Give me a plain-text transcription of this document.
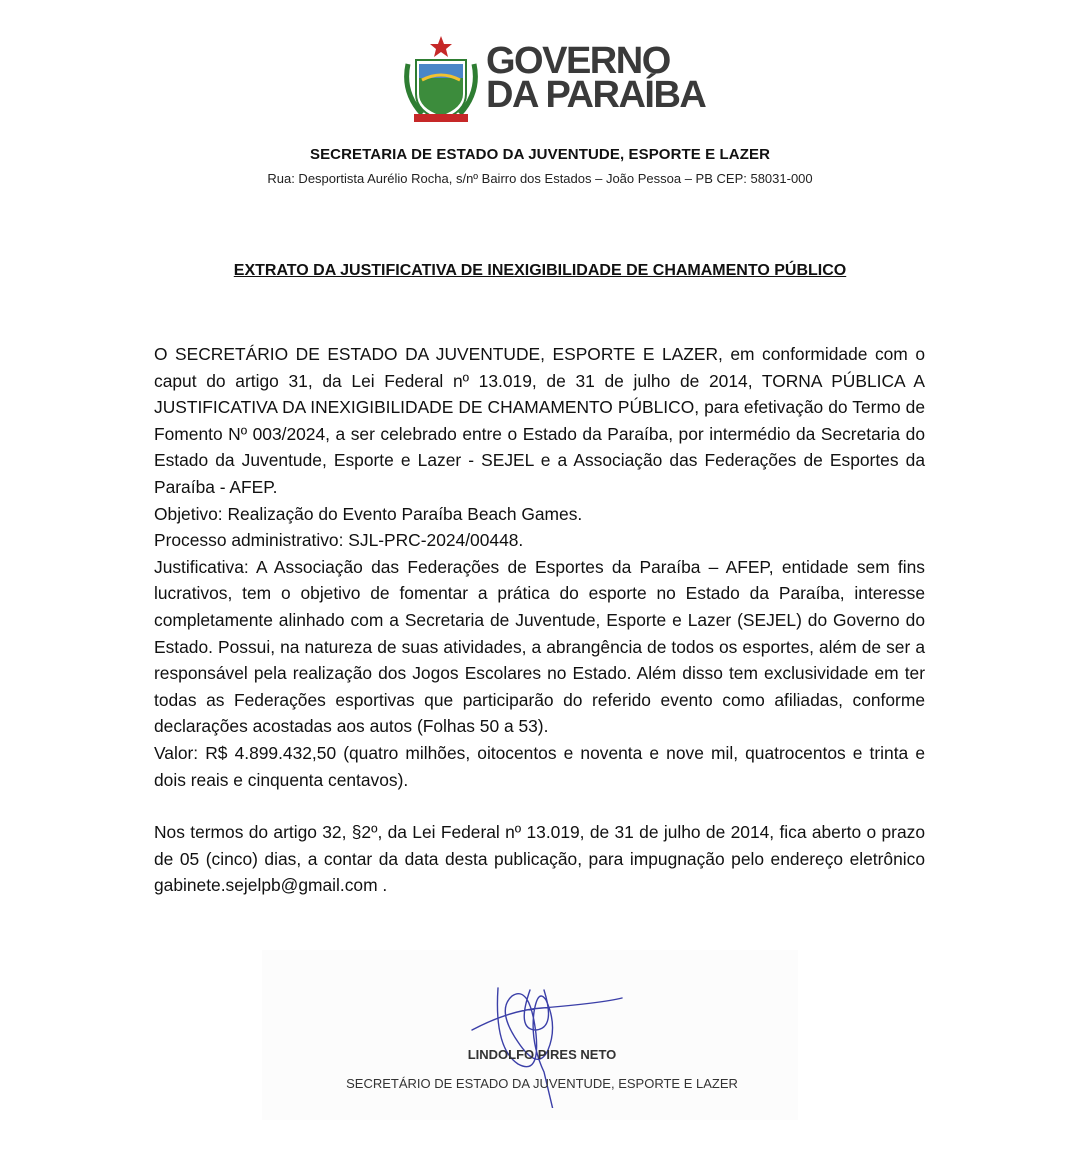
GOVERNO
DA PARAÍBA
SECRETARIA DE ESTADO DA JUVENTUDE, ESPORTE E LAZER
Rua: Desportista Aurélio Rocha, s/nº Bairro dos Estados – João Pessoa – PB CEP: 58031-000
EXTRATO DA JUSTIFICATIVA DE INEXIGIBILIDADE DE CHAMAMENTO PÚBLICO

O SECRETÁRIO DE ESTADO DA JUVENTUDE, ESPORTE E LAZER, em conformidade com o caput do artigo 31, da Lei Federal nº 13.019, de 31 de julho de 2014, TORNA PÚBLICA A JUSTIFICATIVA DA INEXIGIBILIDADE DE CHAMAMENTO PÚBLICO, para efetivação do Termo de Fomento Nº 003/2024, a ser celebrado entre o Estado da Paraíba, por intermédio da Secretaria do Estado da Juventude, Esporte e Lazer - SEJEL e a Associação das Federações de Esportes da Paraíba - AFEP.

Objetivo: Realização do Evento Paraíba Beach Games.

Processo administrativo: SJL-PRC-2024/00448.

Justificativa: A Associação das Federações de Esportes da Paraíba – AFEP, entidade sem fins lucrativos, tem o objetivo de fomentar a prática do esporte no Estado da Paraíba, interesse completamente alinhado com a Secretaria de Juventude, Esporte e Lazer (SEJEL) do Governo do Estado. Possui, na natureza de suas atividades, a abrangência de todos os esportes, além de ser a responsável pela realização dos Jogos Escolares no Estado. Além disso tem exclusividade em ter todas as Federações esportivas que participarão do referido evento como afiliadas, conforme declarações acostadas aos autos (Folhas 50 a 53).

Valor: R$ 4.899.432,50 (quatro milhões, oitocentos e noventa e nove mil, quatrocentos e trinta e dois reais e cinquenta centavos).

Nos termos do artigo 32, §2º, da Lei Federal nº 13.019, de 31 de julho de 2014, fica aberto o prazo de 05 (cinco) dias, a contar da data desta publicação, para impugnação pelo endereço eletrônico gabinete.sejelpb@gmail.com .

LINDOLFO PIRES NETO
SECRETÁRIO DE ESTADO DA JUVENTUDE, ESPORTE E LAZER
